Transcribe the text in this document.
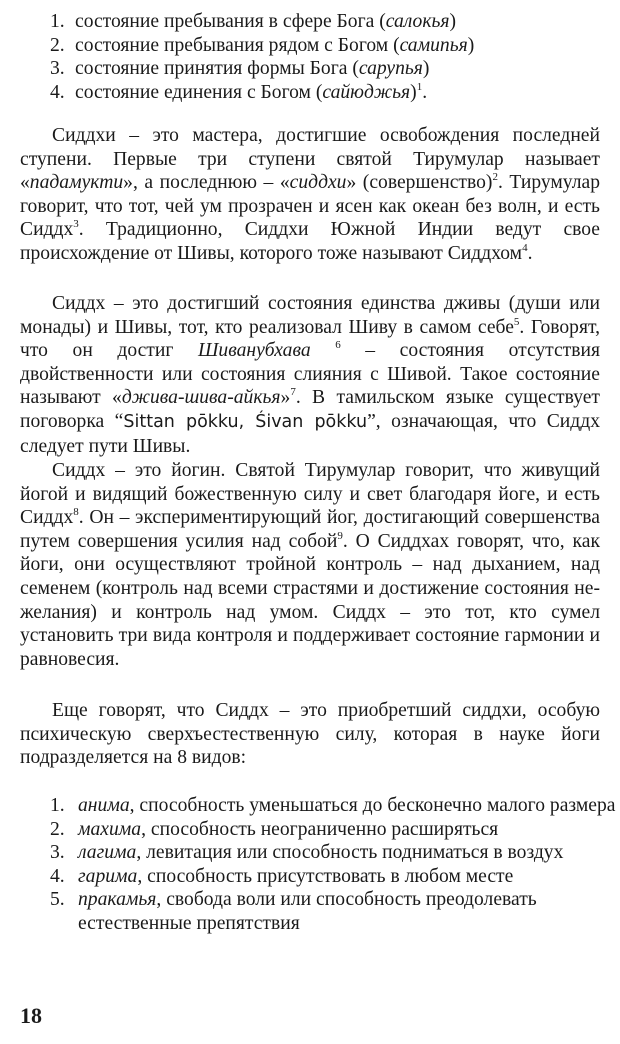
1. состояние пребывания в сфере Бога (салокья)
2. состояние пребывания рядом с Богом (самипья)
3. состояние принятия формы Бога (сарупья)
4. состояние единения с Богом (сайюджья)$^1$.

Сиддхи – это мастера, достигшие освобождения последней ступени. Первые три ступени святой Тирумулар называет «падамукти», а последнюю – «сиддхи» (совершенство)$^2$. Тирумулар говорит, что тот, чей ум прозрачен и ясен как океан без волн, и есть Сиддх$^3$. Традиционно, Сиддхи Южной Индии ведут свое происхождение от Шивы, которого тоже называют Сиддхом$^4$.

Сиддх – это достигший состояния единства дживы (души или монады) и Шивы, тот, кто реализовал Шиву в самом себе$^5$. Говорят, что он достиг Шиванубхава $^6$ – состояния отсутствия двойственности или состояния слияния с Шивой. Такое состояние называют «джива-шива-айкья»$^7$. В тамильском языке существует поговорка “Sittan pōkku, Śivan pōkku”, означающая, что Сиддх следует пути Шивы.

Сиддх – это йогин. Святой Тирумулар говорит, что живущий йогой и видящий божественную силу и свет благодаря йоге, и есть Сиддх$^8$. Он – экспериментирующий йог, достигающий совершенства путем совершения усилия над собой$^9$. О Сиддхах говорят, что, как йоги, они осуществляют тройной контроль – над дыханием, над семенем (контроль над всеми страстями и достижение состояния не-желания) и контроль над умом. Сиддх – это тот, кто сумел установить три вида контроля и поддерживает состояние гармонии и равновесия.

Еще говорят, что Сиддх – это приобретший сиддхи, особую психическую сверхъестественную силу, которая в науке йоги подразделяется на 8 видов:

1. анима, способность уменьшаться до бесконечно малого размера
2. махима, способность неограниченно расширяться
3. лагима, левитация или способность подниматься в воздух
4. гарима, способность присутствовать в любом месте
5. пракамья, свобода воли или способность преодолевать естественные препятствия
18
